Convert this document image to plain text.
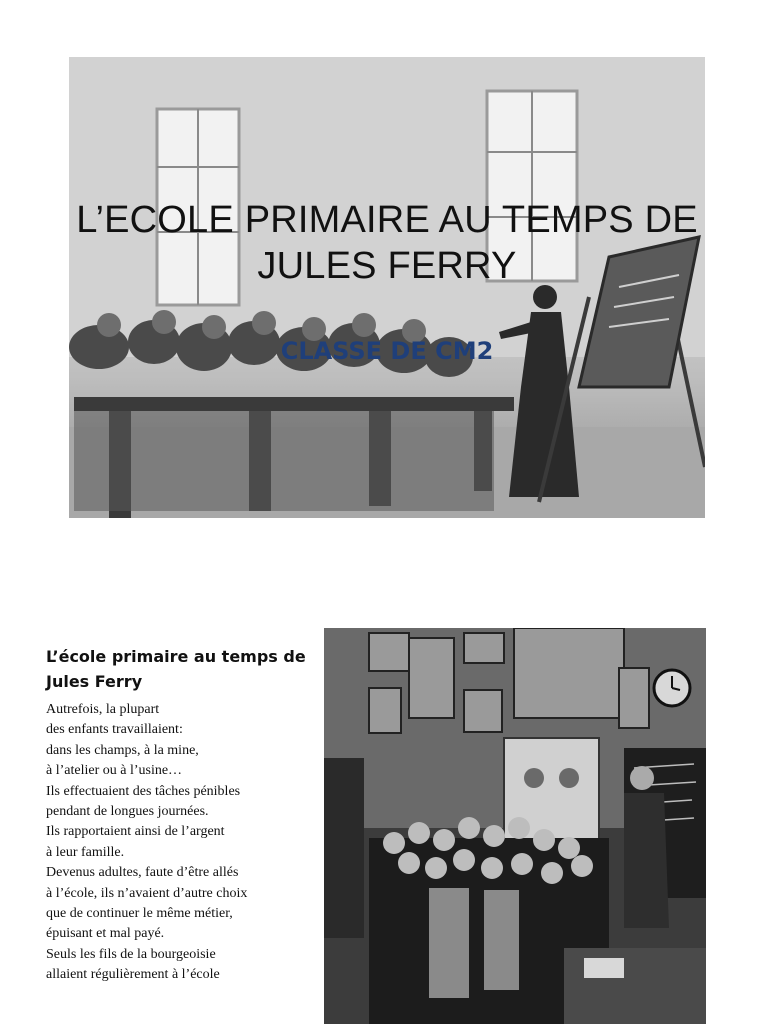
L’ECOLE PRIMAIRE AU TEMPS DE JULES FERRY
CLASSE DE CM2
L’école primaire au temps de Jules Ferry
Autrefois, la plupart
des enfants travaillaient:
dans les champs, à la mine,
à l’atelier ou à l’usine…
Ils effectuaient des tâches pénibles
pendant de longues journées.
Ils rapportaient ainsi de l’argent
à leur famille.
Devenus adultes, faute d’être allés
à l’école, ils n’avaient d’autre choix
que de continuer le même métier,
épuisant et mal payé.
Seuls les fils de la bourgeoisie
allaient régulièrement à l’école
